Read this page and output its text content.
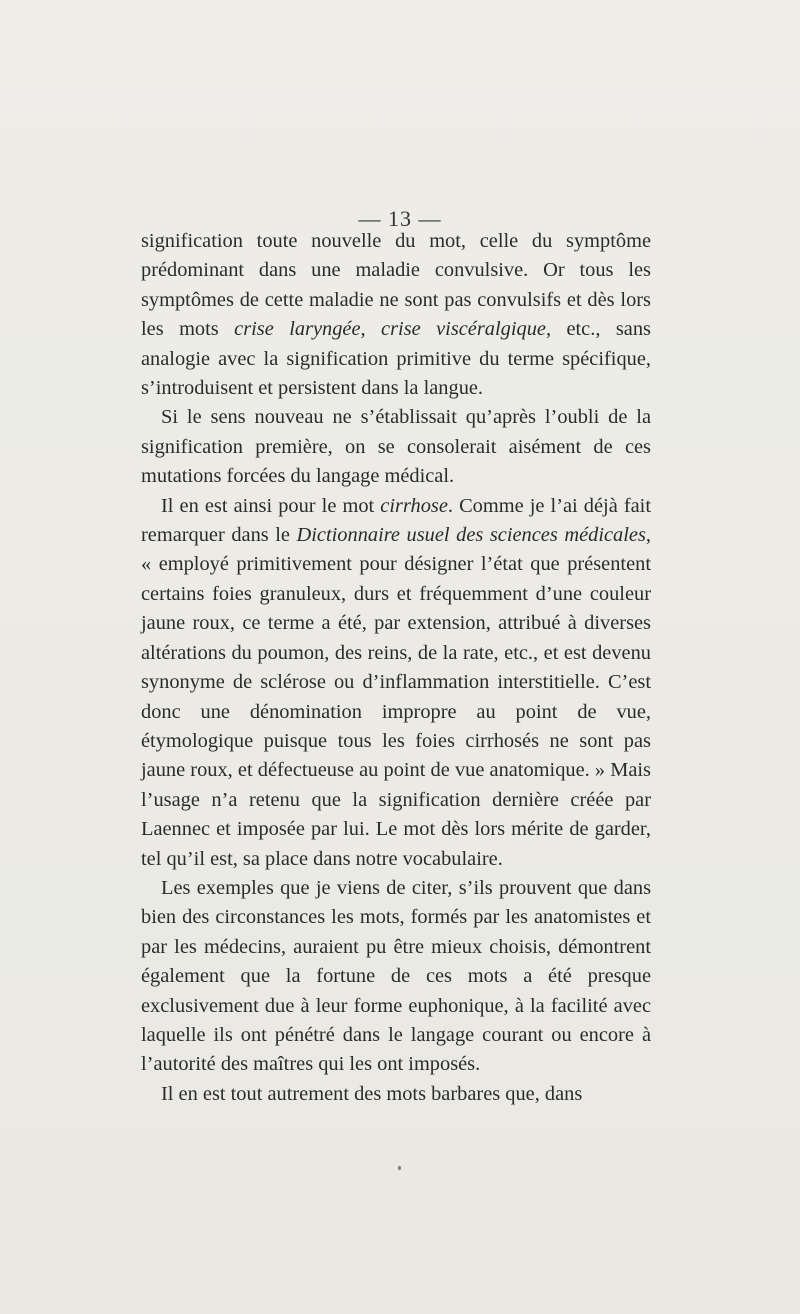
— 13 —

signification toute nouvelle du mot, celle du symptôme prédominant dans une maladie convulsive. Or tous les symptômes de cette maladie ne sont pas convulsifs et dès lors les mots crise laryngée, crise viscéralgique, etc., sans analogie avec la signification primitive du terme spécifique, s’introduisent et persistent dans la langue.

Si le sens nouveau ne s’établissait qu’après l’oubli de la signification première, on se consolerait aisément de ces mutations forcées du langage médical.

Il en est ainsi pour le mot cirrhose. Comme je l’ai déjà fait remarquer dans le Dictionnaire usuel des sciences médicales, « employé primitivement pour désigner l’état que présentent certains foies granuleux, durs et fréquemment d’une couleur jaune roux, ce terme a été, par extension, attribué à diverses altérations du poumon, des reins, de la rate, etc., et est devenu synonyme de sclérose ou d’inflammation interstitielle. C’est donc une dénomination impropre au point de vue, étymologique puisque tous les foies cirrhosés ne sont pas jaune roux, et défectueuse au point de vue anatomique. » Mais l’usage n’a retenu que la signification dernière créée par Laennec et imposée par lui. Le mot dès lors mérite de garder, tel qu’il est, sa place dans notre vocabulaire.

Les exemples que je viens de citer, s’ils prouvent que dans bien des circonstances les mots, formés par les anatomistes et par les médecins, auraient pu être mieux choisis, démontrent également que la fortune de ces mots a été presque exclusivement due à leur forme euphonique, à la facilité avec laquelle ils ont pénétré dans le langage courant ou encore à l’autorité des maîtres qui les ont imposés.

Il en est tout autrement des mots barbares que, dans
